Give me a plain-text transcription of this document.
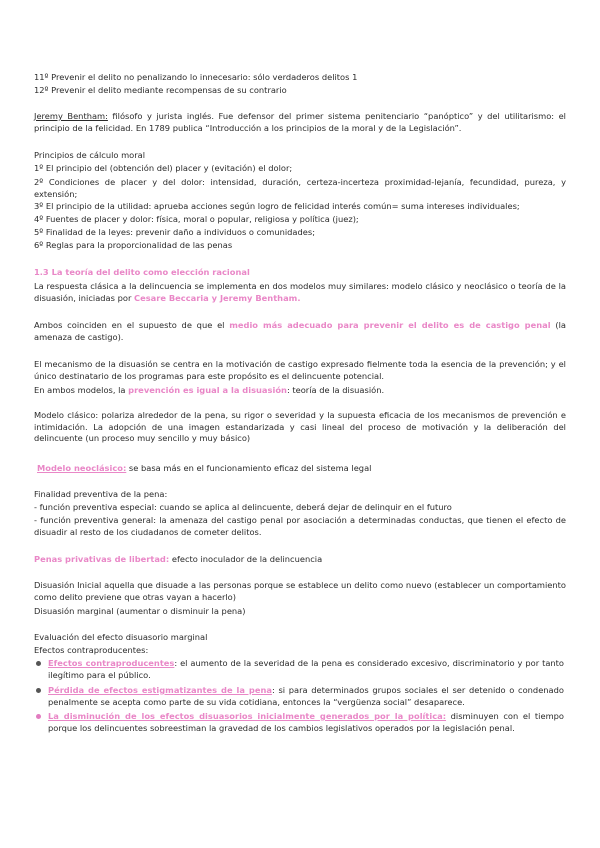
11º Prevenir el delito no penalizando lo innecesario: sólo verdaderos delitos 1
12º Prevenir el delito mediante recompensas de su contrario
Jeremy Bentham: filósofo y jurista inglés. Fue defensor del primer sistema penitenciario “panóptico” y del utilitarismo: el principio de la felicidad. En 1789 publica “Introducción a los principios de la moral y de la Legislación”.
Principios de cálculo moral
1º El principio del (obtención del) placer y (evitación) el dolor;
2º Condiciones de placer y del dolor: intensidad, duración, certeza-incerteza proximidad-lejanía, fecundidad, pureza, y extensión;
3º El principio de la utilidad: aprueba acciones según logro de felicidad interés común= suma intereses individuales;
4º Fuentes de placer y dolor: física, moral o popular, religiosa y política (juez);
5º Finalidad de la leyes: prevenir daño a individuos o comunidades;
6º Reglas para la proporcionalidad de las penas
1.3 La teoría del delito como elección racional
La respuesta clásica a la delincuencia se implementa en dos modelos muy similares: modelo clásico y neoclásico o teoría de la disuasión, iniciadas por Cesare Beccaria y Jeremy Bentham.
Ambos coinciden en el supuesto de que el medio más adecuado para prevenir el delito es de castigo penal (la amenaza de castigo).
El mecanismo de la disuasión se centra en la motivación de castigo expresado fielmente toda la esencia de la prevención; y el único destinatario de los programas para este propósito es el delincuente potencial.
En ambos modelos, la prevención es igual a la disuasión: teoría de la disuasión.
Modelo clásico: polariza alrededor de la pena, su rigor o severidad y la supuesta eficacia de los mecanismos de prevención e intimidación. La adopción de una imagen estandarizada y casi lineal del proceso de motivación y la deliberación del delincuente (un proceso muy sencillo y muy básico)
Modelo neoclásico: se basa más en el funcionamiento eficaz del sistema legal
Finalidad preventiva de la pena:
- función preventiva especial: cuando se aplica al delincuente, deberá dejar de delinquir en el futuro
- función preventiva general: la amenaza del castigo penal por asociación a determinadas conductas, que tienen el efecto de disuadir al resto de los ciudadanos de cometer delitos.
Penas privativas de libertad: efecto inoculador de la delincuencia
Disuasión Inicial aquella que disuade a las personas porque se establece un delito como nuevo (establecer un comportamiento como delito previene que otras vayan a hacerlo)
Disuasión marginal (aumentar o disminuir la pena)
Evaluación del efecto disuasorio marginal
Efectos contraproducentes:
Efectos contraproducentes: el aumento de la severidad de la pena es considerado excesivo, discriminatorio y por tanto ilegítimo para el público.
Pérdida de efectos estigmatizantes de la pena: si para determinados grupos sociales el ser detenido o condenado penalmente se acepta como parte de su vida cotidiana, entonces la “vergüenza social” desaparece.
La disminución de los efectos disuasorios inicialmente generados por la política: disminuyen con el tiempo porque los delincuentes sobreestiman la gravedad de los cambios legislativos operados por la legislación penal.
